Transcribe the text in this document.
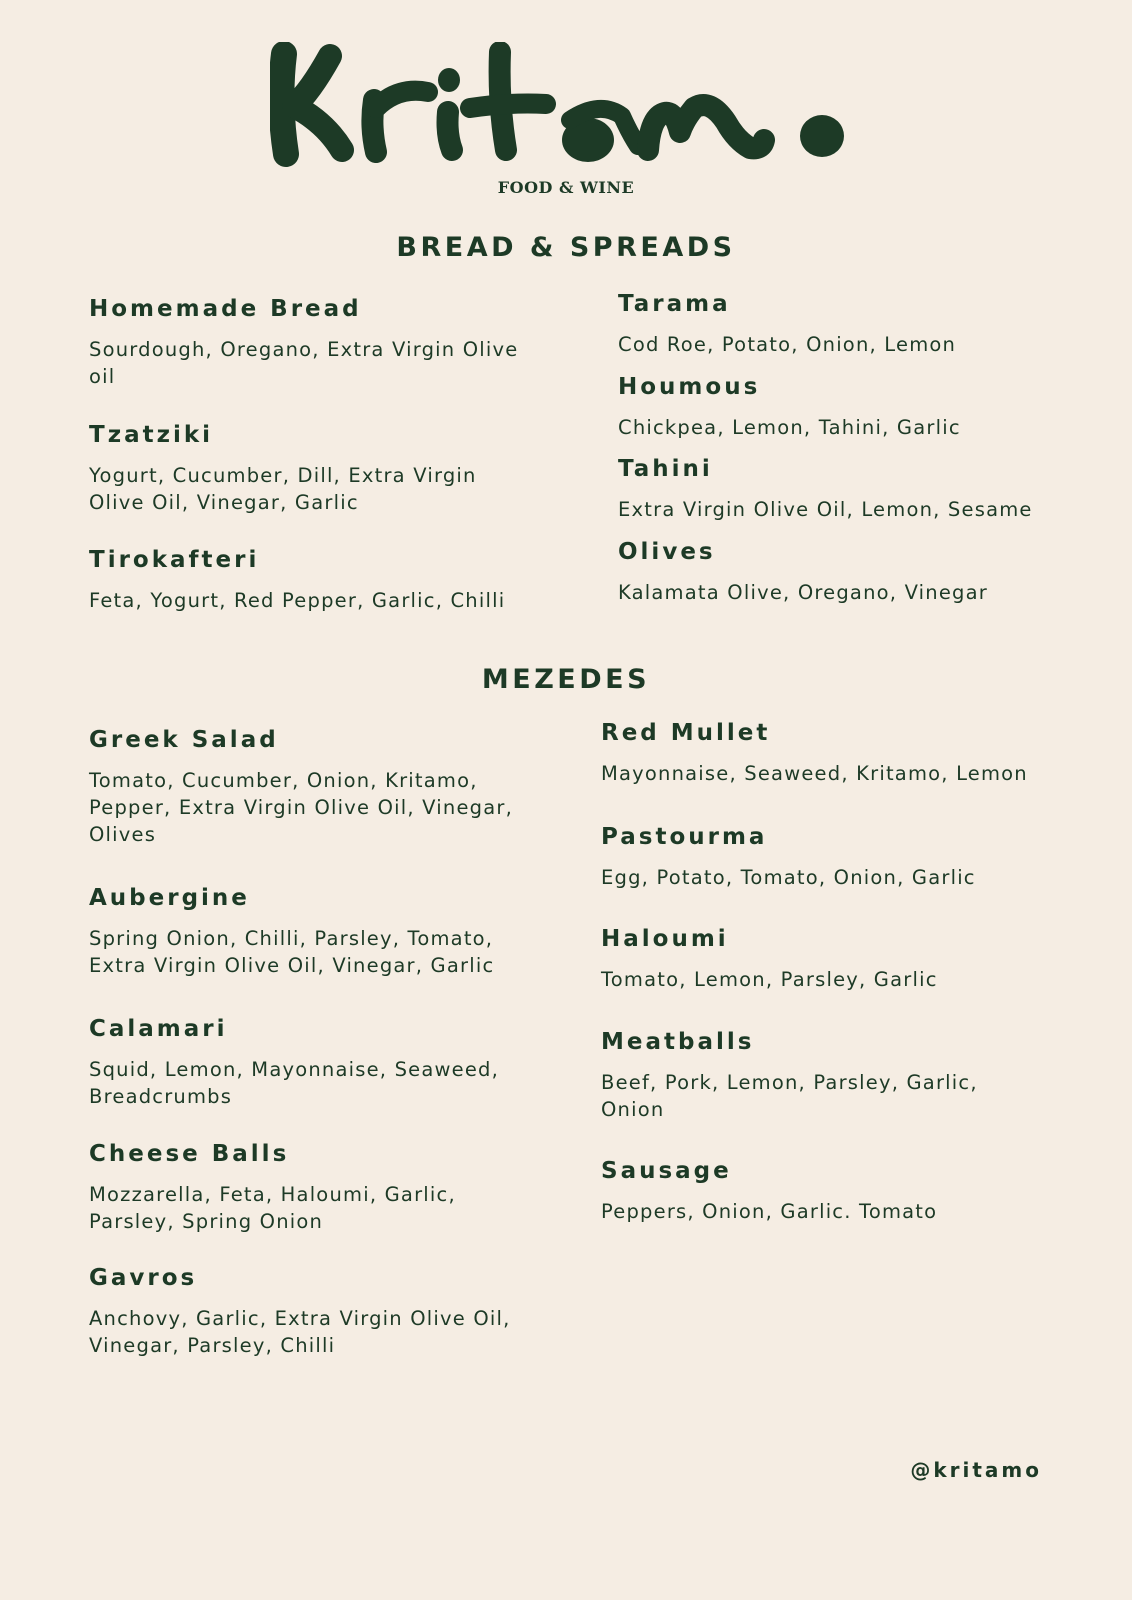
FOOD & WINE
BREAD & SPREADS
Homemade Bread
Sourdough, Oregano, Extra Virgin Olive oil
Tzatziki
Yogurt, Cucumber, Dill, Extra Virgin Olive Oil, Vinegar, Garlic
Tirokafteri
Feta, Yogurt, Red Pepper, Garlic, Chilli
Tarama
Cod Roe, Potato, Onion, Lemon
Houmous
Chickpea, Lemon, Tahini, Garlic
Tahini
Extra Virgin Olive Oil, Lemon, Sesame
Olives
Kalamata Olive, Oregano, Vinegar
MEZEDES
Greek Salad
Tomato, Cucumber, Onion, Kritamo, Pepper, Extra Virgin Olive Oil, Vinegar, Olives
Aubergine
Spring Onion, Chilli, Parsley, Tomato, Extra Virgin Olive Oil, Vinegar, Garlic
Calamari
Squid, Lemon, Mayonnaise, Seaweed, Breadcrumbs
Cheese Balls
Mozzarella, Feta, Haloumi, Garlic, Parsley, Spring Onion
Gavros
Anchovy, Garlic, Extra Virgin Olive Oil, Vinegar, Parsley, Chilli
Red Mullet
Mayonnaise, Seaweed, Kritamo, Lemon
Pastourma
Egg, Potato, Tomato, Onion, Garlic
Haloumi
Tomato, Lemon, Parsley, Garlic
Meatballs
Beef, Pork, Lemon, Parsley, Garlic, Onion
Sausage
Peppers, Onion, Garlic. Tomato
@kritamo
